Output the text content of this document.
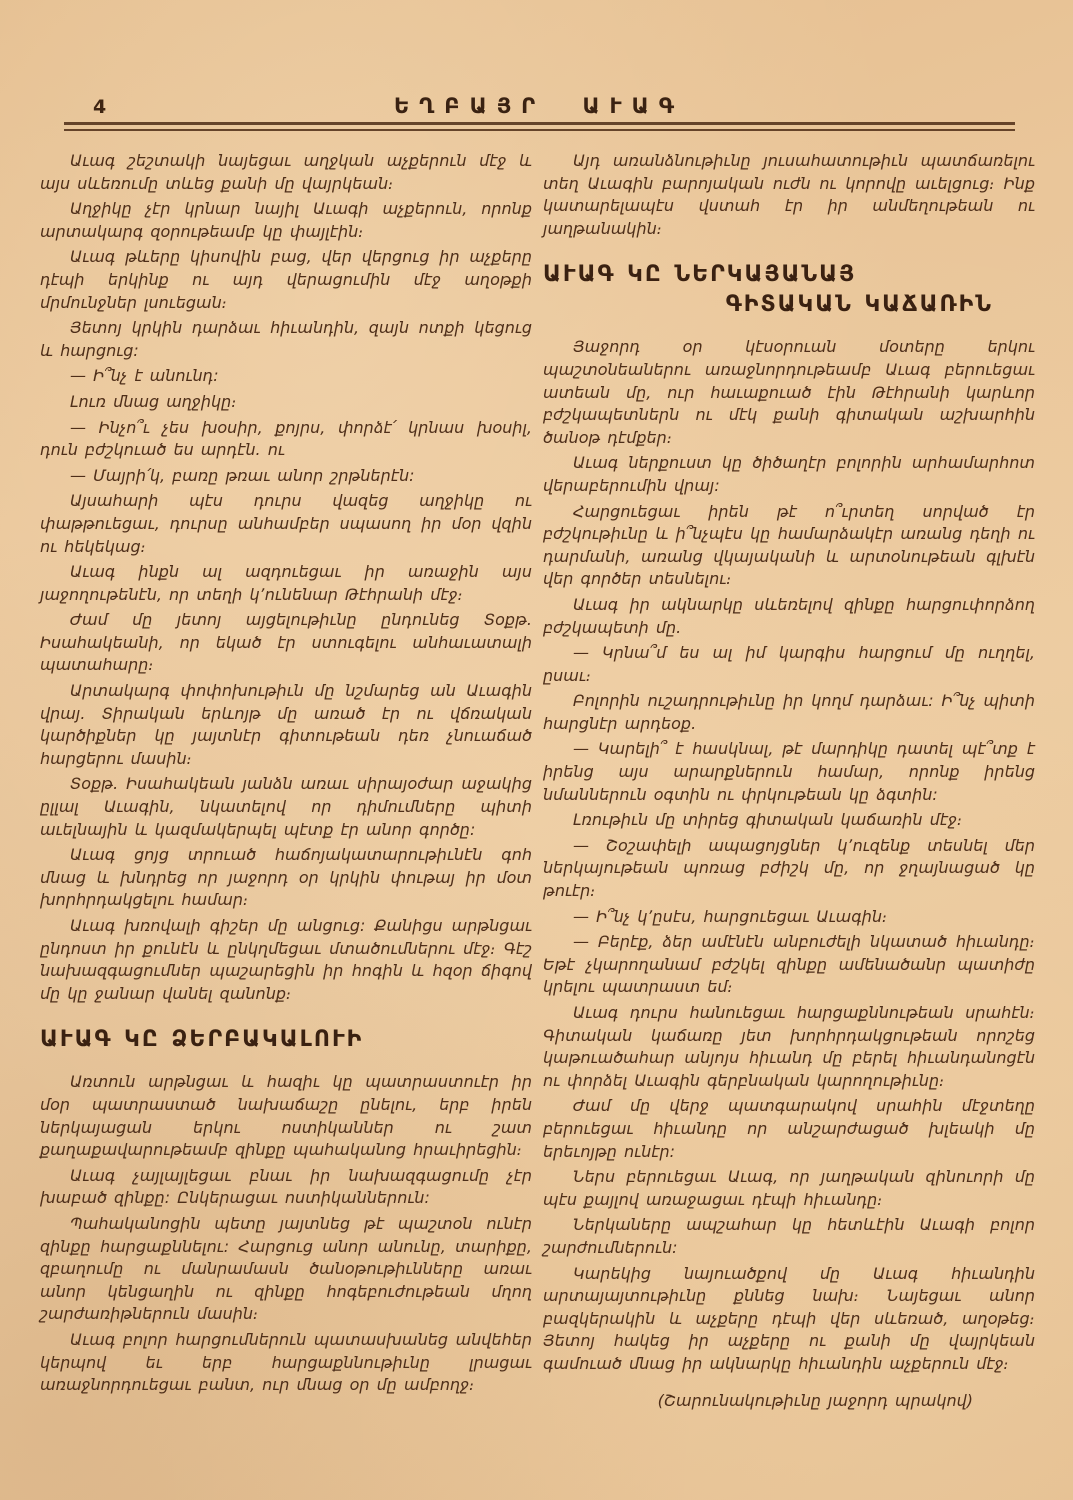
4	ԵՂԲԱՅՐ ԱՒԱԳ

Աւագ շեշտակի նայեցաւ աղջկան աչքերուն մէջ և այս սևեռումը տևեց քանի մը վայրկեան։

Աղջիկը չէր կրնար նայիլ Աւագի աչքերուն, որոնք արտակարգ զօրութեամբ կը փայլէին։

Աւագ թևերը կիսովին բաց, վեր վերցուց իր աչքերը դէպի երկինք ու այդ վերացումին մէջ աղօթքի մրմունջներ լսուեցան։

Յետոյ կրկին դարձաւ հիւանդին, զայն ոտքի կեցուց և հարցուց:

— Ի՞նչ է անունդ:

Լուռ մնաց աղջիկը։

— Ինչո՞ւ չես խօսիր, քոյրս, փորձէ՛ կրնաս խօսիլ, դուն բժշկուած ես արդէն. ու

— Մայրի՛կ, բառը թռաւ անոր շրթներէն:

Այսահարի պէս դուրս վազեց աղջիկը ու փաթթուեցաւ, դուրսը անհամբեր սպասող իր մօր վզին ու հեկեկաց։

Աւագ ինքն ալ ազդուեցաւ իր առաջին այս յաջողութենէն, որ տեղի կ՚ունենար Թէհրանի մէջ։

Ժամ մը յետոյ այցելութիւնը ընդունեց Տօքթ. Իսահակեանի, որ եկած էր ստուգելու անհաւատալի պատահարը։

Արտակարգ փոփոխութիւն մը նշմարեց ան Աւագին վրայ. Տիրական երևոյթ մը առած էր ու վճռական կարծիքներ կը յայտնէր գիտութեան դեռ չնուաճած հարցերու մասին։

Տօքթ. Իսահակեան յանձն առաւ սիրայօժար աջակից ըլլալ Աւագին, նկատելով որ դիմումները պիտի աւելնային և կազմակերպել պէտք էր անոր գործը:

Աւագ ցոյց տրուած հաճոյակատարութիւնէն գոհ մնաց և խնդրեց որ յաջորդ օր կրկին փութայ իր մօտ խորհրդակցելու համար։

Աւագ խռովալի գիշեր մը անցուց: Քանիցս արթնցաւ ընդոստ իր քունէն և ընկղմեցաւ մտածումներու մէջ։ Գէշ նախազգացումներ պաշարեցին իր հոգին և հզօր ճիգով մը կը ջանար վանել զանոնք։

ԱՒԱԳ ԿԸ ՁԵՐԲԱԿԱԼՈՒԻ

Առտուն արթնցաւ և հազիւ կը պատրաստուէր իր մօր պատրաստած նախաճաշը ընելու, երբ իրեն ներկայացան երկու ոստիկաններ ու շատ քաղաքավարութեամբ զինքը պահականոց հրաւիրեցին։

Աւագ չայլայլեցաւ բնաւ իր նախազգացումը չէր խաբած զինքը: Ընկերացաւ ոստիկաններուն:

Պահականոցին պետը յայտնեց թէ պաշտօն ունէր զինքը հարցաքննելու: Հարցուց անոր անունը, տարիքը, զբաղումը ու մանրամասն ծանօթութիւնները առաւ անոր կենցաղին ու զինքը հոգեբուժութեան մղող շարժառիթներուն մասին։

Աւագ բոլոր հարցումներուն պատասխանեց անվեհեր կերպով եւ երբ հարցաքննութիւնը լրացաւ առաջնորդուեցաւ բանտ, ուր մնաց օր մը ամբողջ։

Այդ առանձնութիւնը յուսահատութիւն պատճառելու տեղ Աւագին բարոյական ուժն ու կորովը աւելցուց։ Ինք կատարելապէս վստահ էր իր անմեղութեան ու յաղթանակին։

ԱՒԱԳ ԿԸ ՆԵՐԿԱՅԱՆԱՅ
ԳԻՏԱԿԱՆ ԿԱՃԱՌԻՆ

Յաջորդ օր կէսօրուան մօտերը երկու պաշտօնեաներու առաջնորդութեամբ Աւագ բերուեցաւ ատեան մը, ուր հաւաքուած էին Թէհրանի կարևոր բժշկապետներն ու մէկ քանի գիտական աշխարհին ծանօթ դէմքեր։

Աւագ ներքուստ կը ծիծաղէր բոլորին արհամարհոտ վերաբերումին վրայ:

Հարցուեցաւ իրեն թէ ո՞ւրտեղ սորված էր բժշկութիւնը և ի՞նչպէս կը համարձակէր առանց դեղի ու դարմանի, առանց վկայականի և արտօնութեան գլխէն վեր գործեր տեսնելու։

Աւագ իր ակնարկը սևեռելով զինքը հարցուփորձող բժշկապետի մը.

— Կրնա՞մ ես ալ իմ կարգիս հարցում մը ուղղել, ըսաւ։

Բոլորին ուշադրութիւնը իր կողմ դարձաւ: Ի՞նչ պիտի հարցնէր արդեօք.

— Կարելի՞ է հասկնալ, թէ մարդիկը դատել պէ՞տք է իրենց այս արարքներուն համար, որոնք իրենց նմաններուն օգտին ու փրկութեան կը ձգտին:

Լռութիւն մը տիրեց գիտական կաճառին մէջ։

— Շօշափելի ապացոյցներ կ՚ուզենք տեսնել մեր ներկայութեան պոռաց բժիշկ մը, որ ջղայնացած կը թուէր։

— Ի՞նչ կ՚ըսէս, հարցուեցաւ Աւագին։

— Բերէք, ձեր ամէնէն անբուժելի նկատած հիւանդը։ Եթէ չկարողանամ բժշկել զինքը ամենածանր պատիժը կրելու պատրաստ եմ։

Աւագ դուրս հանուեցաւ հարցաքննութեան սրահէն։ Գիտական կաճառը յետ խորհրդակցութեան որոշեց կաթուածահար անյոյս հիւանդ մը բերել հիւանդանոցէն ու փորձել Աւագին գերբնական կարողութիւնը։

Ժամ մը վերջ պատգարակով սրահին մէջտեղը բերուեցաւ հիւանդը որ անշարժացած խլեակի մը երեւոյթը ունէր:

Ներս բերուեցաւ Աւագ, որ յաղթական զինուորի մը պէս քայլով առաջացաւ դէպի հիւանդը։

Ներկաները ապշահար կը հետևէին Աւագի բոլոր շարժումներուն:

Կարեկից նայուածքով մը Աւագ հիւանդին արտայայտութիւնը քննեց նախ։ Նայեցաւ անոր բազկերակին և աչքերը դէպի վեր սևեռած, աղօթեց։ Յետոյ հակեց իր աչքերը ու քանի մը վայրկեան գամուած մնաց իր ակնարկը հիւանդին աչքերուն մէջ։

(Շարունակութիւնը յաջորդ պրակով)
